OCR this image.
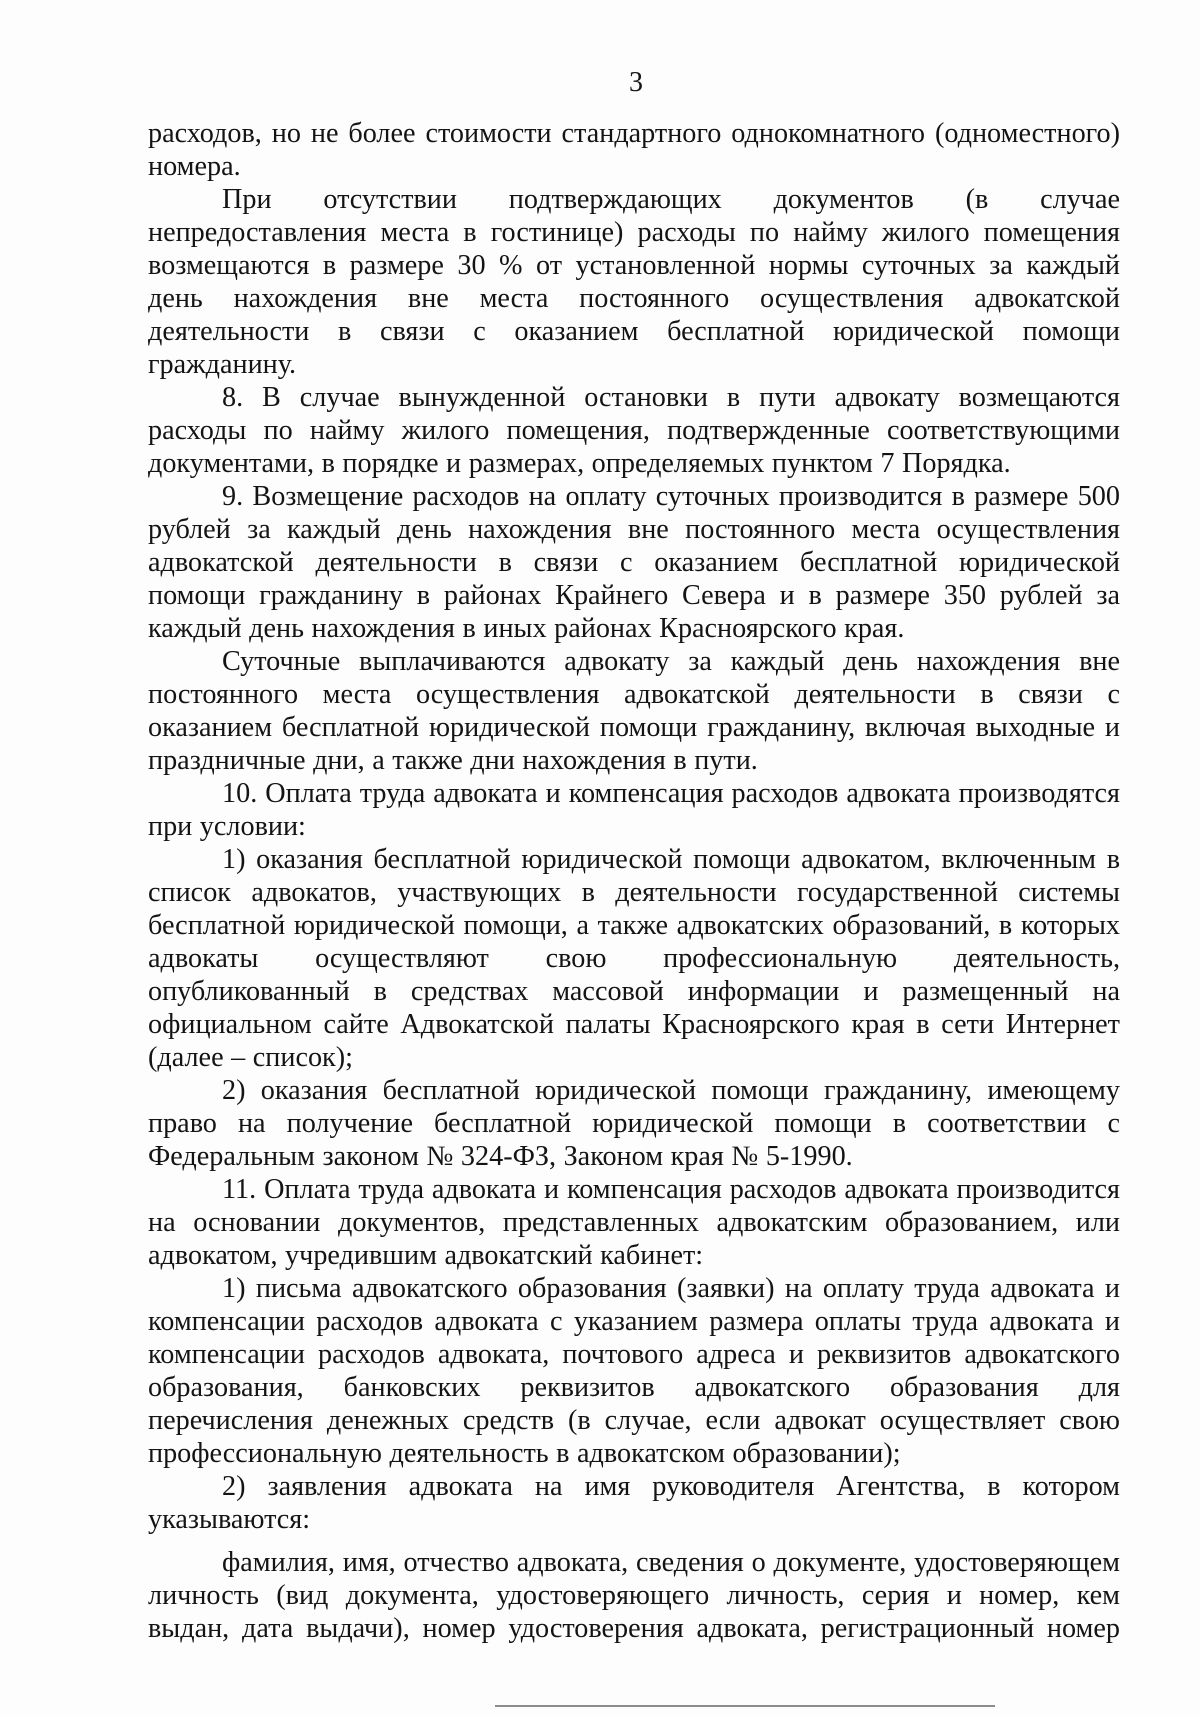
3

расходов, но не более стоимости стандартного однокомнатного (одноместного) номера.

При отсутствии подтверждающих документов (в случае непредоставления места в гостинице) расходы по найму жилого помещения возмещаются в размере 30 % от установленной нормы суточных за каждый день нахождения вне места постоянного осуществления адвокатской деятельности в связи с оказанием бесплатной юридической помощи гражданину.

8. В случае вынужденной остановки в пути адвокату возмещаются расходы по найму жилого помещения, подтвержденные соответствующими документами, в порядке и размерах, определяемых пунктом 7 Порядка.

9. Возмещение расходов на оплату суточных производится в размере 500 рублей за каждый день нахождения вне постоянного места осуществления адвокатской деятельности в связи с оказанием бесплатной юридической помощи гражданину в районах Крайнего Севера и в размере 350 рублей за каждый день нахождения в иных районах Красноярского края.

Суточные выплачиваются адвокату за каждый день нахождения вне постоянного места осуществления адвокатской деятельности в связи с оказанием бесплатной юридической помощи гражданину, включая выходные и праздничные дни, а также дни нахождения в пути.

10. Оплата труда адвоката и компенсация расходов адвоката производятся при условии:

1) оказания бесплатной юридической помощи адвокатом, включенным в список адвокатов, участвующих в деятельности государственной системы бесплатной юридической помощи, а также адвокатских образований, в которых адвокаты осуществляют свою профессиональную деятельность, опубликованный в средствах массовой информации и размещенный на официальном сайте Адвокатской палаты Красноярского края в сети Интернет (далее – список);

2) оказания бесплатной юридической помощи гражданину, имеющему право на получение бесплатной юридической помощи в соответствии с Федеральным законом № 324-ФЗ, Законом края № 5-1990.

11. Оплата труда адвоката и компенсация расходов адвоката производится на основании документов, представленных адвокатским образованием, или адвокатом, учредившим адвокатский кабинет:

1) письма адвокатского образования (заявки) на оплату труда адвоката и компенсации расходов адвоката с указанием размера оплаты труда адвоката и компенсации расходов адвоката, почтового адреса и реквизитов адвокатского образования, банковских реквизитов адвокатского образования для перечисления денежных средств (в случае, если адвокат осуществляет свою профессиональную деятельность в адвокатском образовании);

2) заявления адвоката на имя руководителя Агентства, в котором указываются:

фамилия, имя, отчество адвоката, сведения о документе, удостоверяющем личность (вид документа, удостоверяющего личность, серия и номер, кем выдан, дата выдачи), номер удостоверения адвоката, регистрационный номер
